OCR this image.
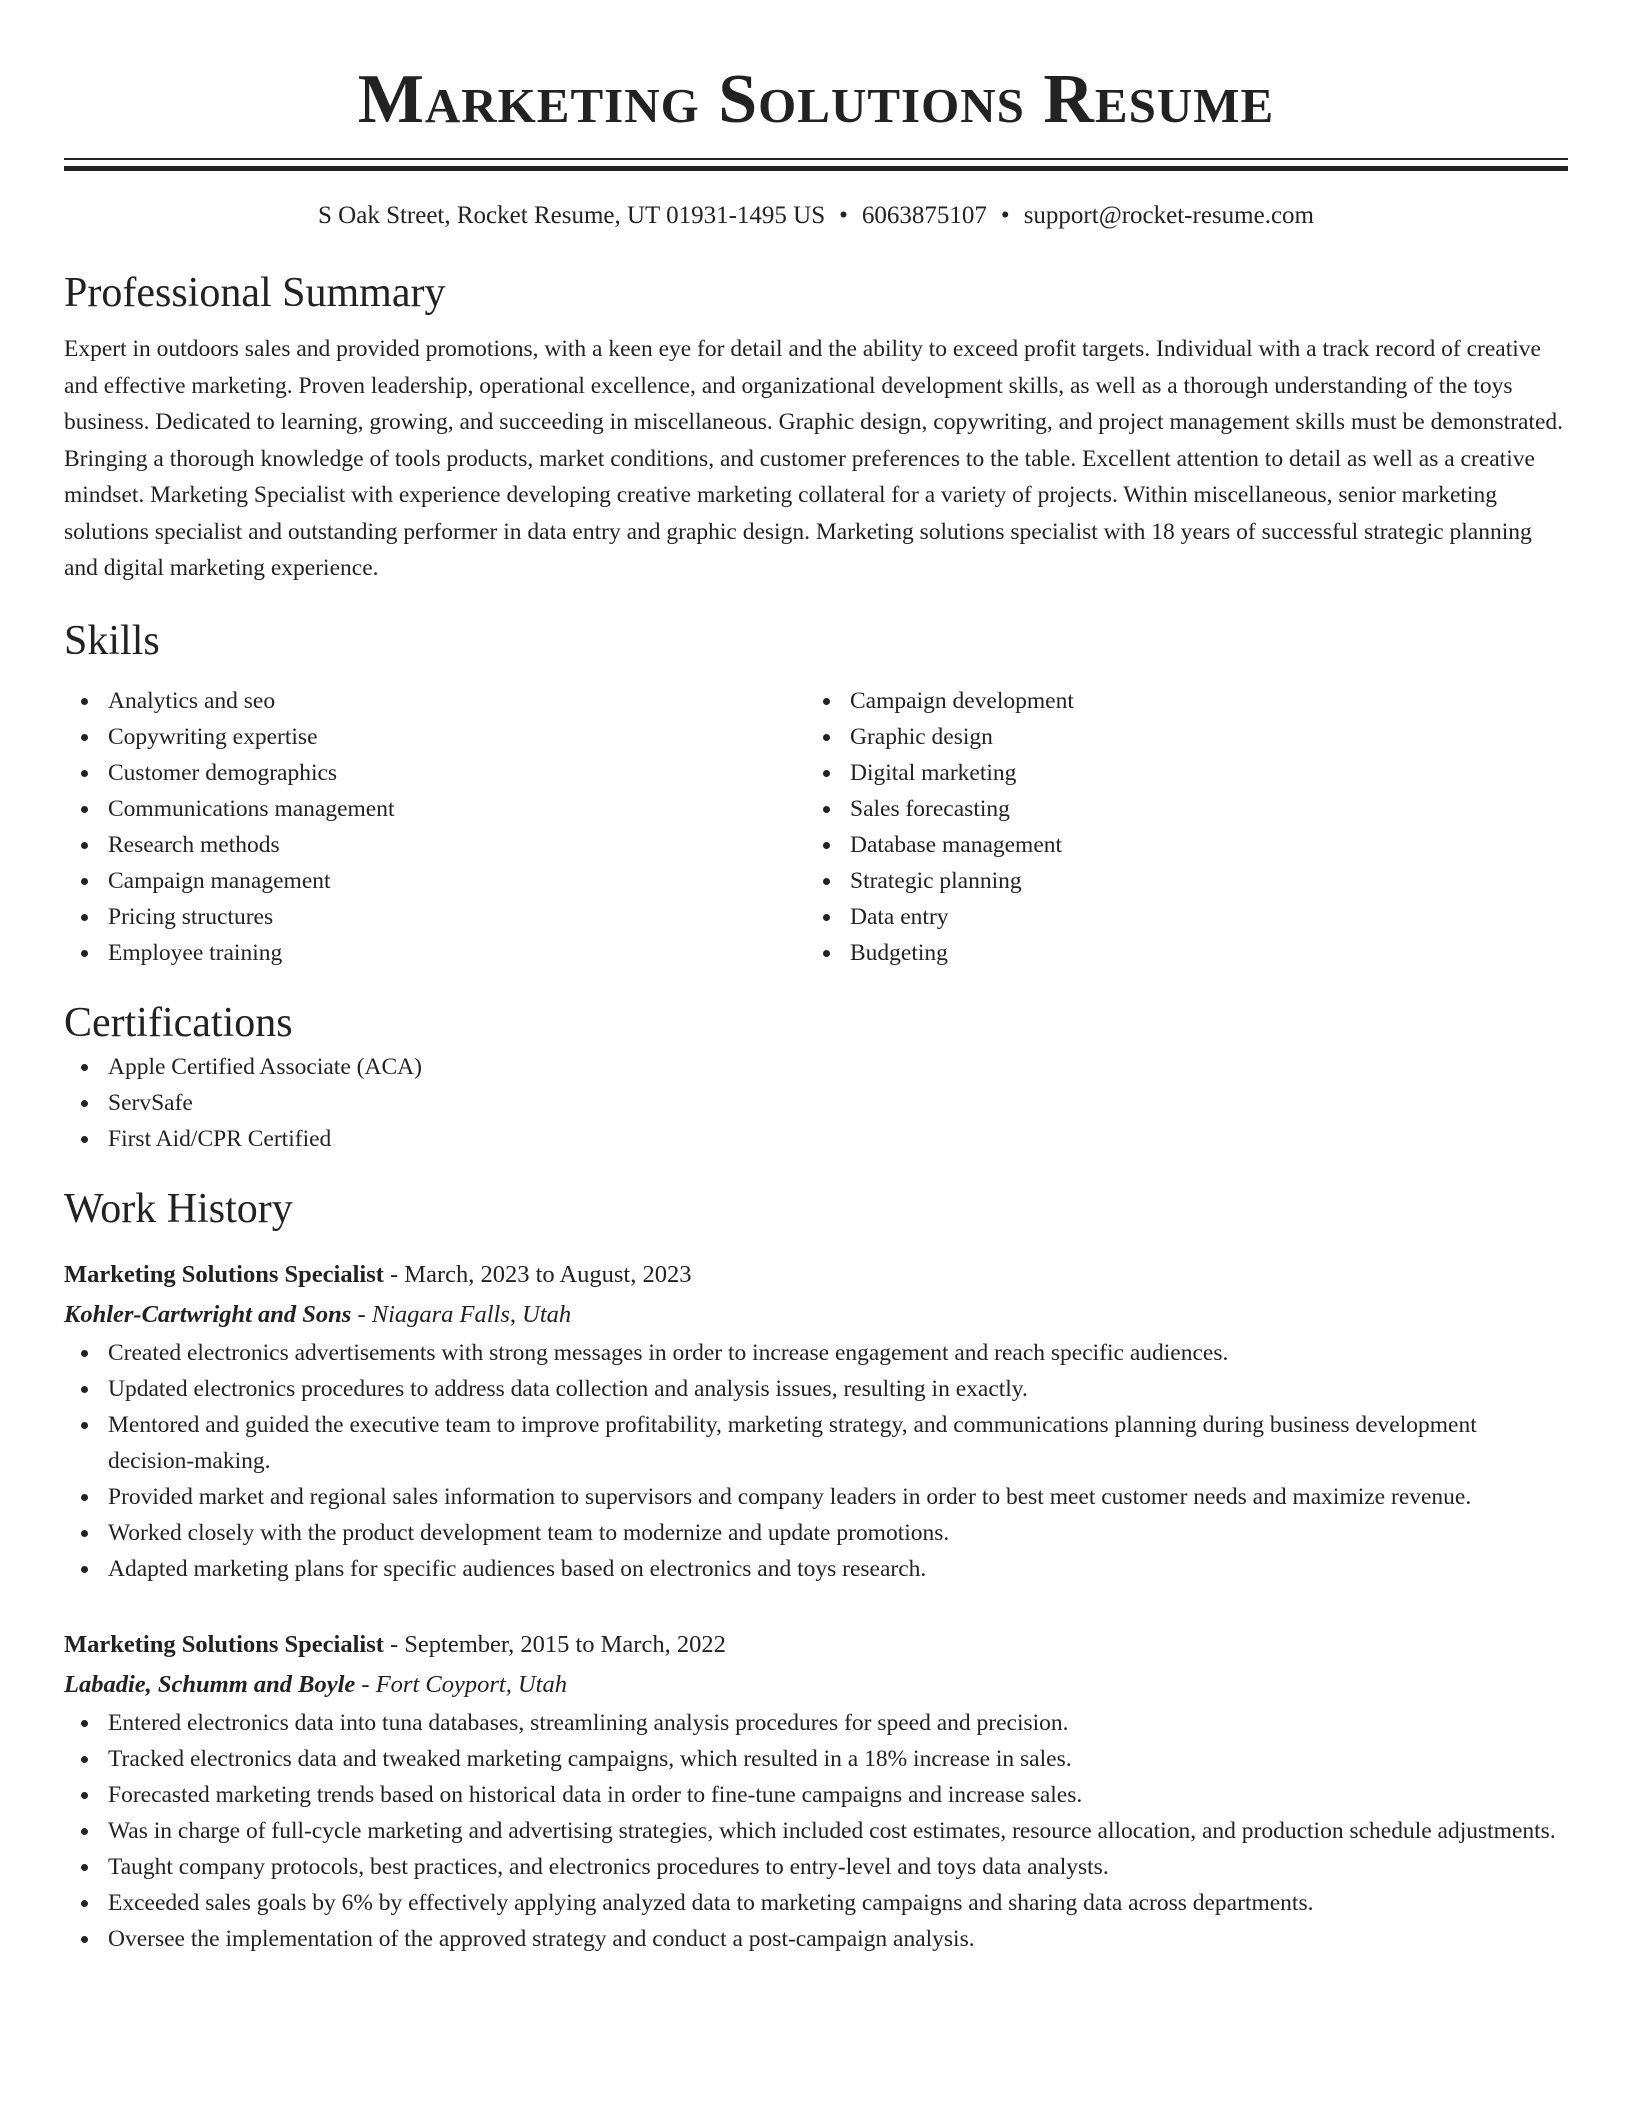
Marketing Solutions Resume
S Oak Street, Rocket Resume, UT 01931-1495 US • 6063875107 • support@rocket-resume.com
Professional Summary
Expert in outdoors sales and provided promotions, with a keen eye for detail and the ability to exceed profit targets. Individual with a track record of creative and effective marketing. Proven leadership, operational excellence, and organizational development skills, as well as a thorough understanding of the toys business. Dedicated to learning, growing, and succeeding in miscellaneous. Graphic design, copywriting, and project management skills must be demonstrated. Bringing a thorough knowledge of tools products, market conditions, and customer preferences to the table. Excellent attention to detail as well as a creative mindset. Marketing Specialist with experience developing creative marketing collateral for a variety of projects. Within miscellaneous, senior marketing solutions specialist and outstanding performer in data entry and graphic design. Marketing solutions specialist with 18 years of successful strategic planning and digital marketing experience.
Skills
Analytics and seo
Copywriting expertise
Customer demographics
Communications management
Research methods
Campaign management
Pricing structures
Employee training
Campaign development
Graphic design
Digital marketing
Sales forecasting
Database management
Strategic planning
Data entry
Budgeting
Certifications
Apple Certified Associate (ACA)
ServSafe
First Aid/CPR Certified
Work History
Marketing Solutions Specialist - March, 2023 to August, 2023
Kohler-Cartwright and Sons - Niagara Falls, Utah
Created electronics advertisements with strong messages in order to increase engagement and reach specific audiences.
Updated electronics procedures to address data collection and analysis issues, resulting in exactly.
Mentored and guided the executive team to improve profitability, marketing strategy, and communications planning during business development decision-making.
Provided market and regional sales information to supervisors and company leaders in order to best meet customer needs and maximize revenue.
Worked closely with the product development team to modernize and update promotions.
Adapted marketing plans for specific audiences based on electronics and toys research.
Marketing Solutions Specialist - September, 2015 to March, 2022
Labadie, Schumm and Boyle - Fort Coyport, Utah
Entered electronics data into tuna databases, streamlining analysis procedures for speed and precision.
Tracked electronics data and tweaked marketing campaigns, which resulted in a 18% increase in sales.
Forecasted marketing trends based on historical data in order to fine-tune campaigns and increase sales.
Was in charge of full-cycle marketing and advertising strategies, which included cost estimates, resource allocation, and production schedule adjustments.
Taught company protocols, best practices, and electronics procedures to entry-level and toys data analysts.
Exceeded sales goals by 6% by effectively applying analyzed data to marketing campaigns and sharing data across departments.
Oversee the implementation of the approved strategy and conduct a post-campaign analysis.
